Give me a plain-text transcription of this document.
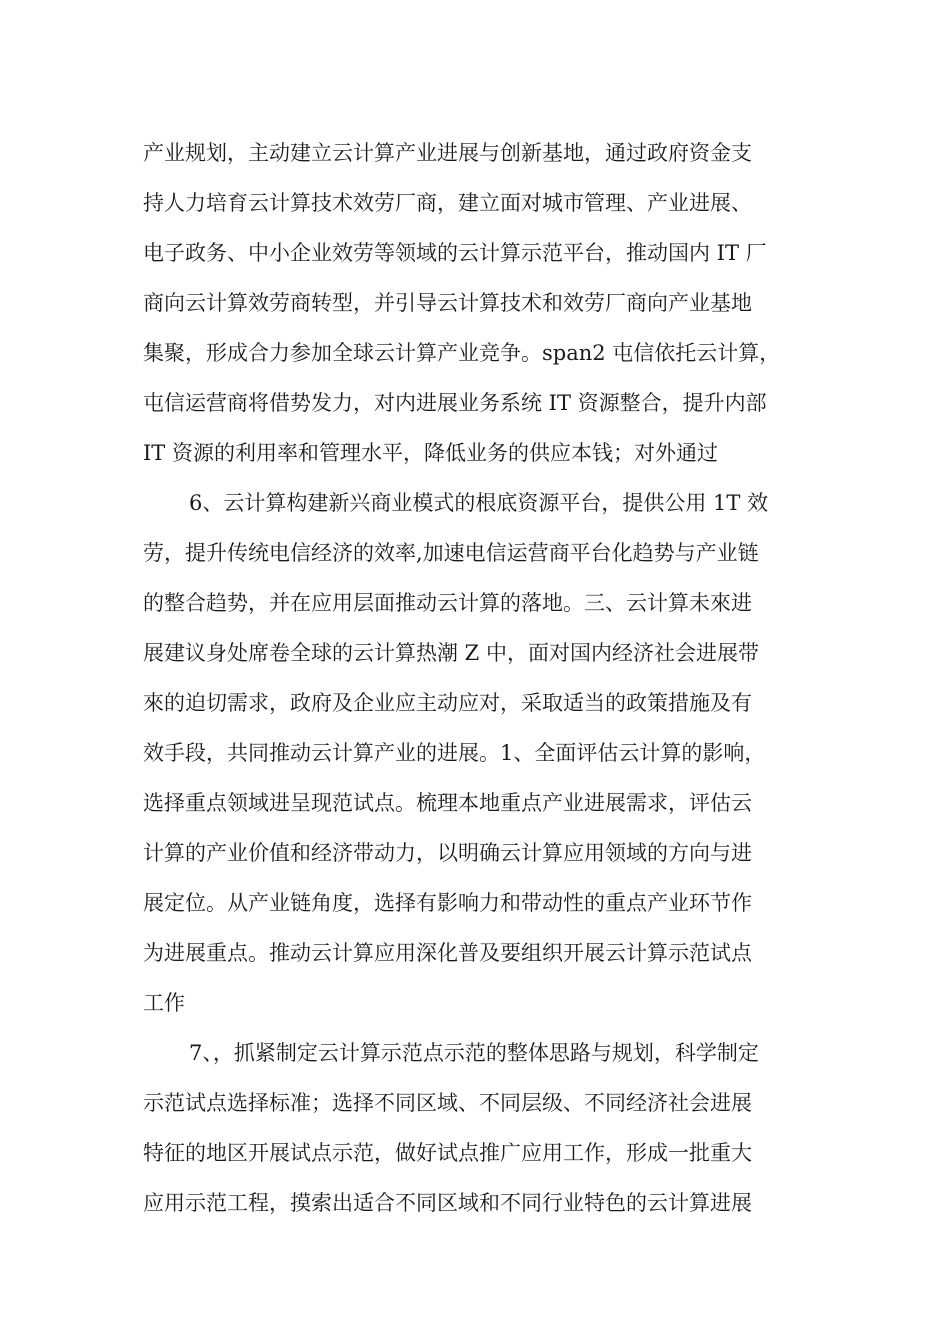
产业规划，主动建立云计算产业进展与创新基地，通过政府资金支
持人力培育云计算技术效劳厂商，建立面对城市管理、产业进展、
电子政务、中小企业效劳等领域的云计算示范平台，推动国内 IT 厂
商向云计算效劳商转型，并引导云计算技术和效劳厂商向产业基地
集聚，形成合力参加全球云计算产业竞争。span2 屯信依托云计算，
屯信运营商将借势发力，对内进展业务系统 IT 资源整合，提升内部
IT 资源的利用率和管理水平，降低业务的供应本钱；对外通过
6、云计算构建新兴商业模式的根底资源平台，提供公用 1T 效
劳，提升传统电信经济的效率,加速电信运营商平台化趋势与产业链
的整合趋势，并在应用层面推动云计算的落地。三、云计算未來进
展建议身处席卷全球的云计算热潮 Z 中，面对国内经济社会进展带
來的迫切需求，政府及企业应主动应对，采取适当的政策措施及有
效手段，共同推动云计算产业的进展。1、全面评估云计算的影响，
选择重点领域进呈现范试点。梳理本地重点产业进展需求，评估云
计算的产业价值和经济带动力，以明确云计算应用领域的方向与进
展定位。从产业链角度，选择有影响力和带动性的重点产业环节作
为进展重点。推动云计算应用深化普及要组织开展云计算示范试点
工作
7、，抓紧制定云计算示范点示范的整体思路与规划，科学制定
示范试点选择标准；选择不同区域、不同层级、不同经济社会进展
特征的地区开展试点示范，做好试点推广应用工作，形成一批重大
应用示范工程，摸索出适合不同区域和不同行业特色的云计算进展
